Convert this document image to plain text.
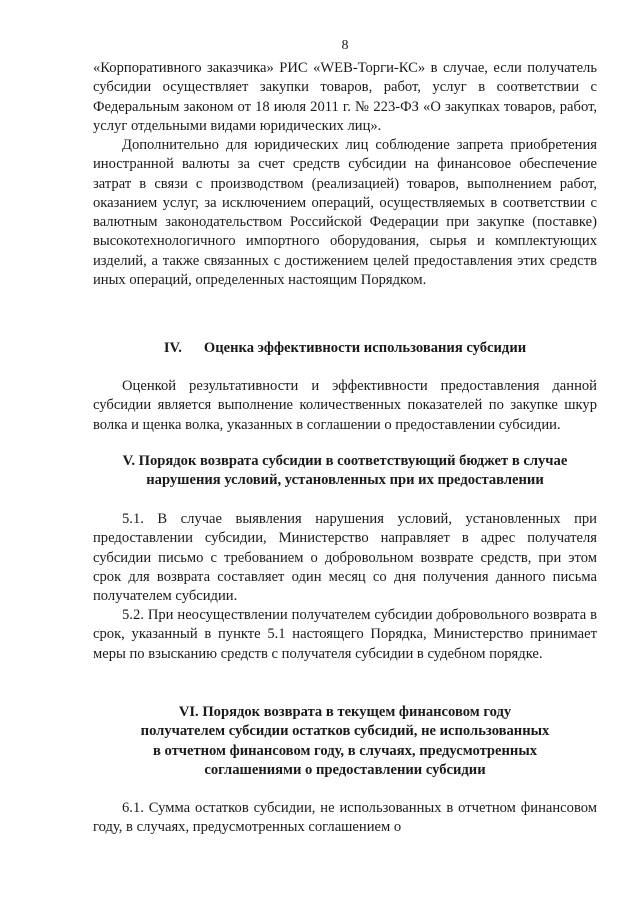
8

«Корпоративного заказчика» РИС «WEB-Торги-КС» в случае, если получатель субсидии осуществляет закупки товаров, работ, услуг в соответствии с Федеральным законом от 18 июля 2011 г. № 223-ФЗ «О закупках товаров, работ, услуг отдельными видами юридических лиц».

Дополнительно для юридических лиц соблюдение запрета приобретения иностранной валюты за счет средств субсидии на финансовое обеспечение затрат в связи с производством (реализацией) товаров, выполнением работ, оказанием услуг, за исключением операций, осуществляемых в соответствии с валютным законодательством Российской Федерации при закупке (поставке) высокотехнологичного импортного оборудования, сырья и комплектующих изделий, а также связанных с достижением целей предоставления этих средств иных операций, определенных настоящим Порядком.

IV. Оценка эффективности использования субсидии

Оценкой результативности и эффективности предоставления данной субсидии является выполнение количественных показателей по закупке шкур волка и щенка волка, указанных в соглашении о предоставлении субсидии.

V. Порядок возврата субсидии в соответствующий бюджет в случае
нарушения условий, установленных при их предоставлении

5.1. В случае выявления нарушения условий, установленных при предоставлении субсидии, Министерство направляет в адрес получателя субсидии письмо с требованием о добровольном возврате средств, при этом срок для возврата составляет один месяц со дня получения данного письма получателем субсидии.

5.2. При неосуществлении получателем субсидии добровольного возврата в срок, указанный в пункте 5.1 настоящего Порядка, Министерство принимает меры по взысканию средств с получателя субсидии в судебном порядке.

VI. Порядок возврата в текущем финансовом году
получателем субсидии остатков субсидий, не использованных
в отчетном финансовом году, в случаях, предусмотренных
соглашениями о предоставлении субсидии

6.1. Сумма остатков субсидии, не использованных в отчетном финансовом году, в случаях, предусмотренных соглашением о
